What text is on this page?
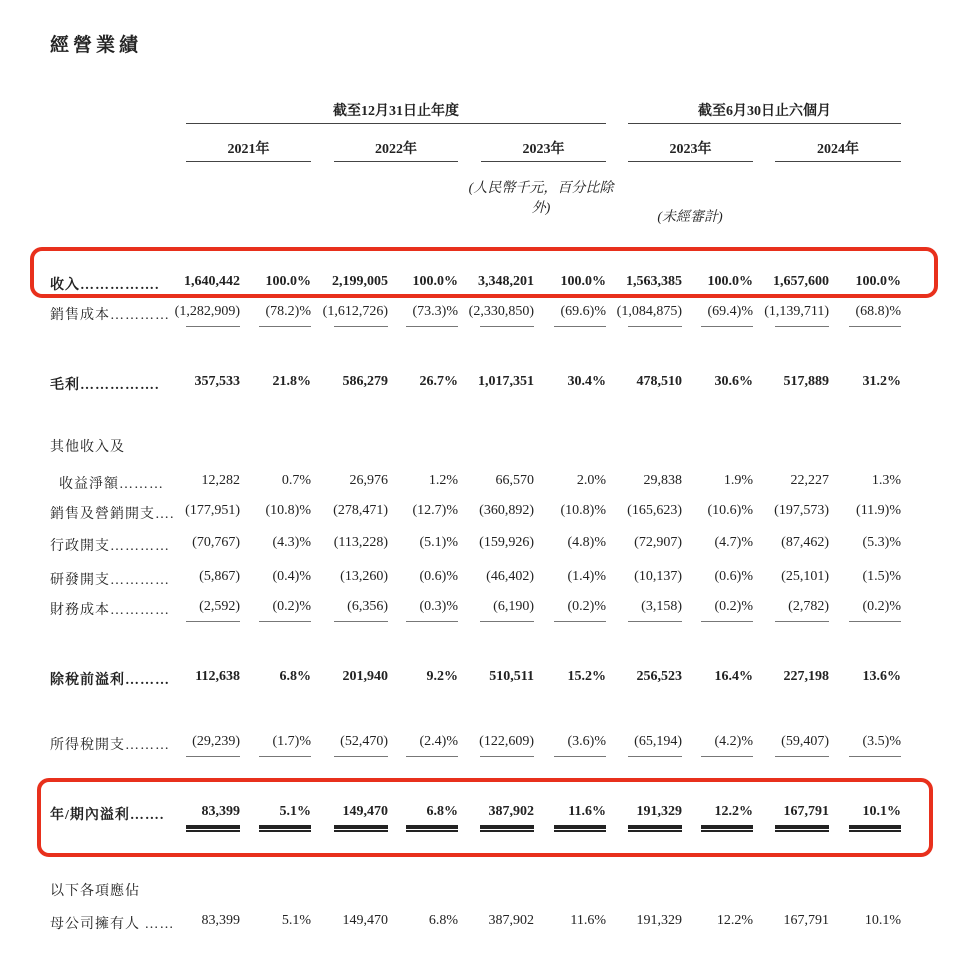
經營業績
截至12月31日止年度	截至6月30日止六個月
2021年	2022年	2023年	2023年	2024年
(人民幣千元，百分比除外)
(未經審計)
收入…………….	1,640,442	100.0%	2,199,005	100.0%	3,348,201	100.0%	1,563,385	100.0%	1,657,600	100.0%
銷售成本………… (1,282,909)	(78.2)% (1,612,726)	(73.3)% (2,330,850)	(69.6)% (1,084,875)	(69.4)% (1,139,711)	(68.8)%
毛利…………….	357,533	21.8%	586,279	26.7%	1,017,351	30.4%	478,510	30.6%	517,889	31.2%
其他收入及
收益淨額………	12,282	0.7%	26,976	1.2%	66,570	2.0%	29,838	1.9%	22,227	1.3%
銷售及營銷開支…. (177,951)	(10.8)%	(278,471)	(12.7)%	(360,892)	(10.8)%	(165,623)	(10.6)%	(197,573)	(11.9)%
行政開支…………	(70,767)	(4.3)%	(113,228)	(5.1)%	(159,926)	(4.8)%	(72,907)	(4.7)%	(87,462)	(5.3)%
研發開支…………	(5,867)	(0.4)%	(13,260)	(0.6)%	(46,402)	(1.4)%	(10,137)	(0.6)%	(25,101)	(1.5)%
財務成本…………	(2,592)	(0.2)%	(6,356)	(0.3)%	(6,190)	(0.2)%	(3,158)	(0.2)%	(2,782)	(0.2)%
除稅前溢利………	112,638	6.8%	201,940	9.2%	510,511	15.2%	256,523	16.4%	227,198	13.6%
所得稅開支………	(29,239)	(1.7)%	(52,470)	(2.4)%	(122,609)	(3.6)%	(65,194)	(4.2)%	(59,407)	(3.5)%
年/期內溢利…….	83,399	5.1%	149,470	6.8%	387,902	11.6%	191,329	12.2%	167,791	10.1%
以下各項應佔
母公司擁有人 ……	83,399	5.1%	149,470	6.8%	387,902	11.6%	191,329	12.2%	167,791	10.1%
